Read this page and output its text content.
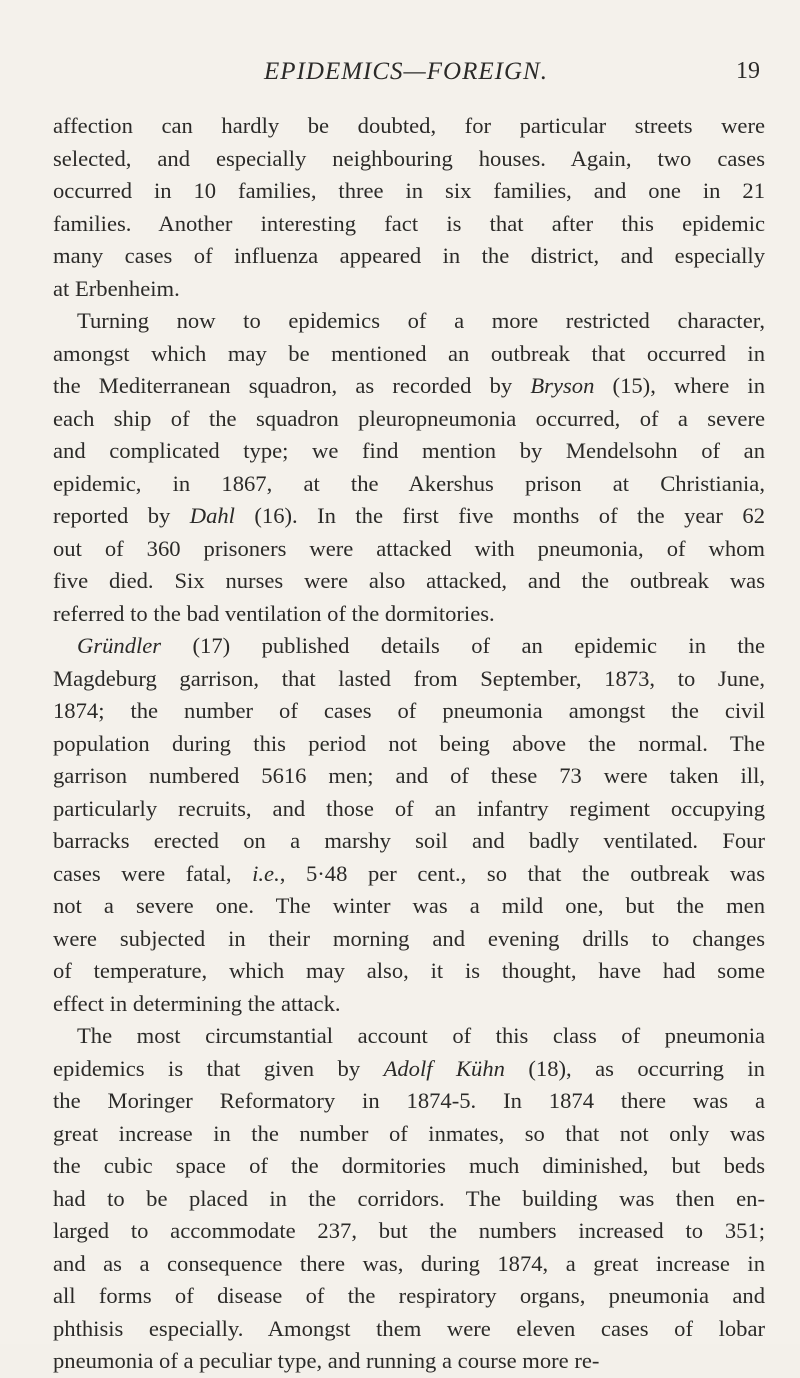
EPIDEMICS—FOREIGN.	19
affection can hardly be doubted, for particular streets were
selected, and especially neighbouring houses. Again, two cases
occurred in 10 families, three in six families, and one in 21
families. Another interesting fact is that after this epidemic
many cases of influenza appeared in the district, and especially
at Erbenheim.
Turning now to epidemics of a more restricted character,
amongst which may be mentioned an outbreak that occurred in
the Mediterranean squadron, as recorded by Bryson (15), where in
each ship of the squadron pleuropneumonia occurred, of a severe
and complicated type; we find mention by Mendelsohn of an
epidemic, in 1867, at the Akershus prison at Christiania,
reported by Dahl (16). In the first five months of the year 62
out of 360 prisoners were attacked with pneumonia, of whom
five died. Six nurses were also attacked, and the outbreak was
referred to the bad ventilation of the dormitories.
Gründler (17) published details of an epidemic in the
Magdeburg garrison, that lasted from September, 1873, to June,
1874; the number of cases of pneumonia amongst the civil
population during this period not being above the normal. The
garrison numbered 5616 men; and of these 73 were taken ill,
particularly recruits, and those of an infantry regiment occupying
barracks erected on a marshy soil and badly ventilated. Four
cases were fatal, i.e., 5·48 per cent., so that the outbreak was
not a severe one. The winter was a mild one, but the men
were subjected in their morning and evening drills to changes
of temperature, which may also, it is thought, have had some
effect in determining the attack.
The most circumstantial account of this class of pneumonia
epidemics is that given by Adolf Kühn (18), as occurring in
the Moringer Reformatory in 1874-5. In 1874 there was a
great increase in the number of inmates, so that not only was
the cubic space of the dormitories much diminished, but beds
had to be placed in the corridors. The building was then en-
larged to accommodate 237, but the numbers increased to 351;
and as a consequence there was, during 1874, a great increase in
all forms of disease of the respiratory organs, pneumonia and
phthisis especially. Amongst them were eleven cases of lobar
pneumonia of a peculiar type, and running a course more re-
